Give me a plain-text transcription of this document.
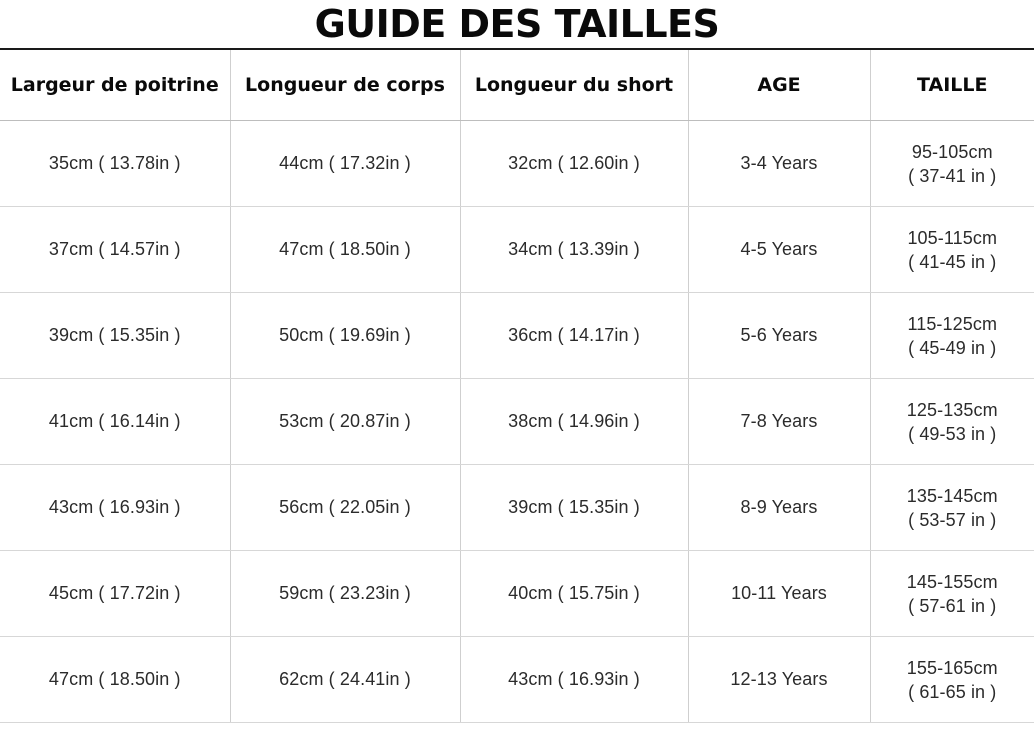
GUIDE DES TAILLES
Largeur de poitrine	Longueur de corps	Longueur du short	AGE	TAILLE
35cm ( 13.78in )	44cm ( 17.32in )	32cm ( 12.60in )	3-4 Years	95-105cm
( 37-41 in )

37cm ( 14.57in )	47cm ( 18.50in )	34cm ( 13.39in )	4-5 Years	105-115cm
( 41-45 in )

39cm ( 15.35in )	50cm ( 19.69in )	36cm ( 14.17in )	5-6 Years	115-125cm
( 45-49 in )

41cm ( 16.14in )	53cm ( 20.87in )	38cm ( 14.96in )	7-8 Years	125-135cm
( 49-53 in )

43cm ( 16.93in )	56cm ( 22.05in )	39cm ( 15.35in )	8-9 Years	135-145cm
( 53-57 in )

45cm ( 17.72in )	59cm ( 23.23in )	40cm ( 15.75in )	10-11 Years	145-155cm
( 57-61 in )

47cm ( 18.50in )	62cm ( 24.41in )	43cm ( 16.93in )	12-13 Years	155-165cm
( 61-65 in )
